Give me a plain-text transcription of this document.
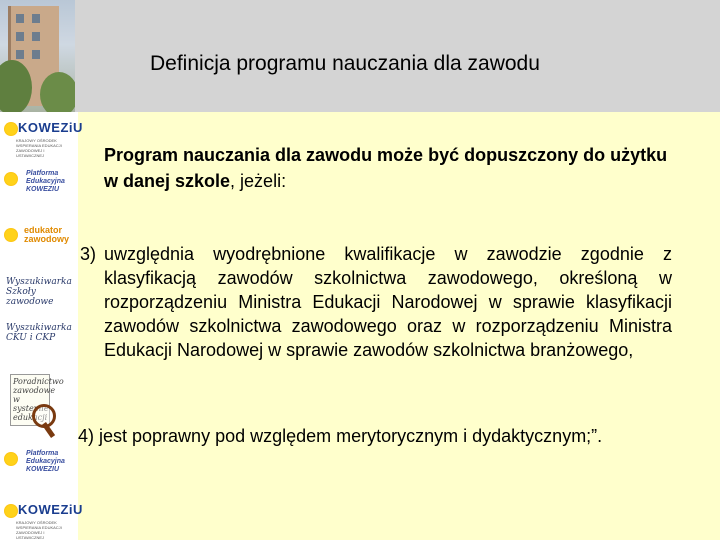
Definicja programu nauczania dla zawodu
KOWEZiU
KRAJOWY OŚRODEK WSPIERANIA EDUKACJI ZAWODOWEJ I USTAWICZNEJ
Platforma
Edukacyjna
KOWEZIU
edukator
zawodowy
Wyszukiwarka
Szkoły zawodowe
Wyszukiwarka
CKU i CKP
Poradnictwo zawodowe w systemie edukacji
Platforma
Edukacyjna
KOWEZIU
KOWEZiU
KRAJOWY OŚRODEK WSPIERANIA EDUKACJI ZAWODOWEJ I USTAWICZNEJ
Program nauczania dla zawodu może być dopuszczony do użytku w danej szkole, jeżeli:
3) uwzględnia wyodrębnione kwalifikacje w zawodzie zgodnie z klasyfikacją zawodów szkolnictwa zawodowego, określoną w rozporządzeniu Ministra Edukacji Narodowej w sprawie klasyfikacji zawodów szkolnictwa zawodowego oraz w rozporządzeniu Ministra Edukacji Narodowej w sprawie zawodów szkolnictwa branżowego,
4) jest poprawny pod względem merytorycznym i dydaktycznym;”.
